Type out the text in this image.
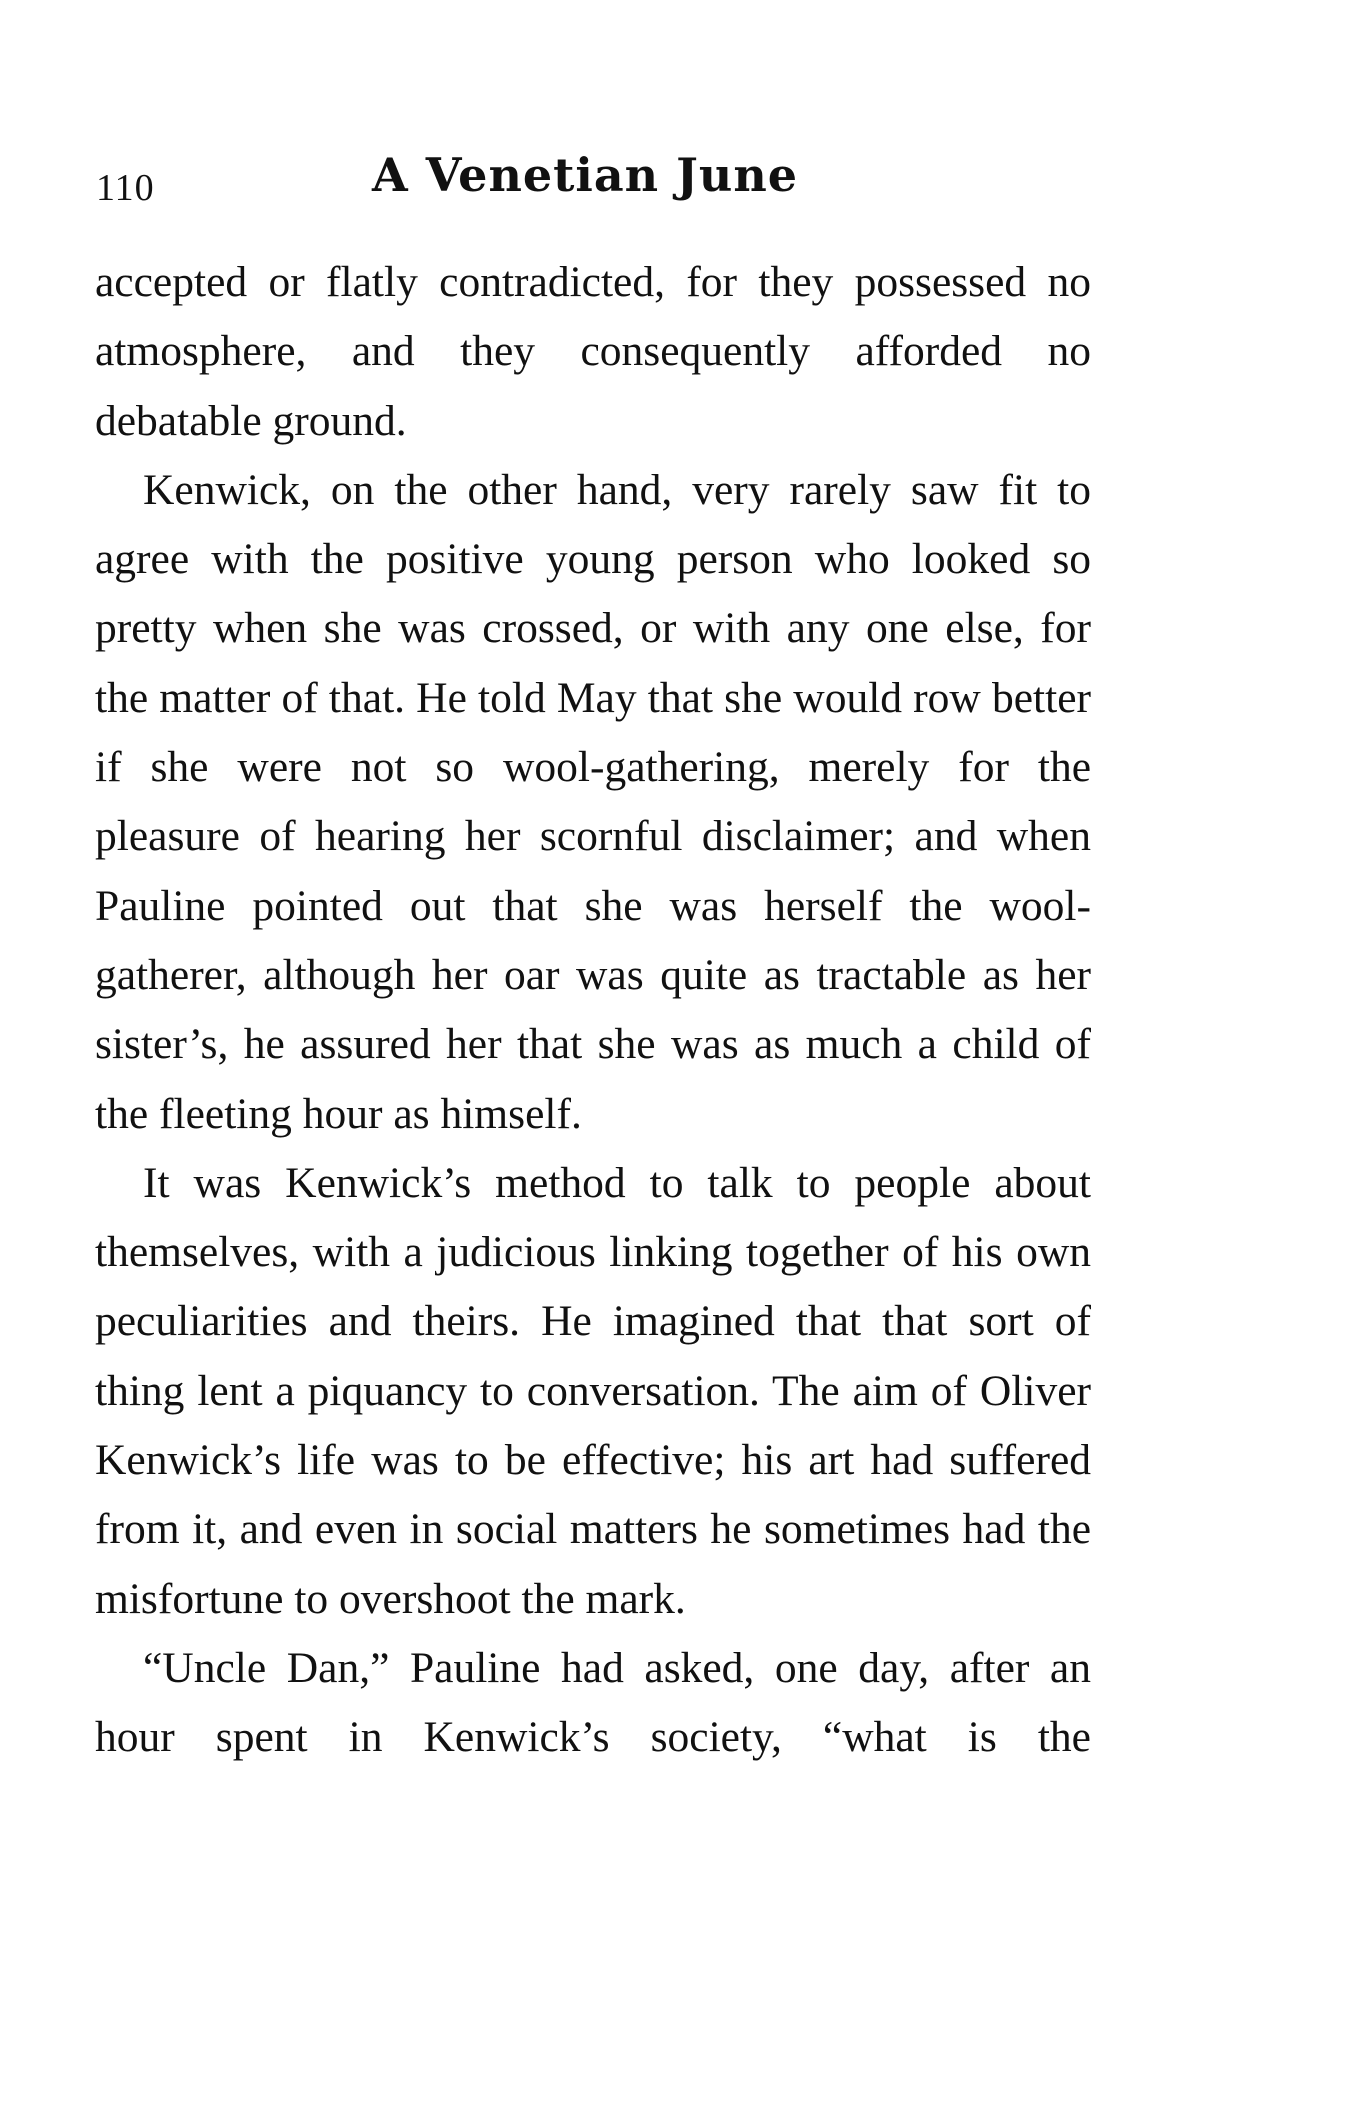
110	A Venetian June

accepted or flatly contradicted, for they possessed no atmosphere, and they consequently afforded no debatable ground.

Kenwick, on the other hand, very rarely saw fit to agree with the positive young person who looked so pretty when she was crossed, or with any one else, for the matter of that. He told May that she would row better if she were not so wool-gathering, merely for the pleasure of hearing her scornful disclaimer; and when Pauline pointed out that she was herself the wool-gatherer, although her oar was quite as tractable as her sister’s, he assured her that she was as much a child of the fleeting hour as himself.

It was Kenwick’s method to talk to people about themselves, with a judicious linking together of his own peculiarities and theirs. He imagined that that sort of thing lent a piquancy to conversation. The aim of Oliver Kenwick’s life was to be effective; his art had suffered from it, and even in social matters he sometimes had the misfortune to overshoot the mark.

“Uncle Dan,” Pauline had asked, one day, after an hour spent in Kenwick’s society, “what is the
